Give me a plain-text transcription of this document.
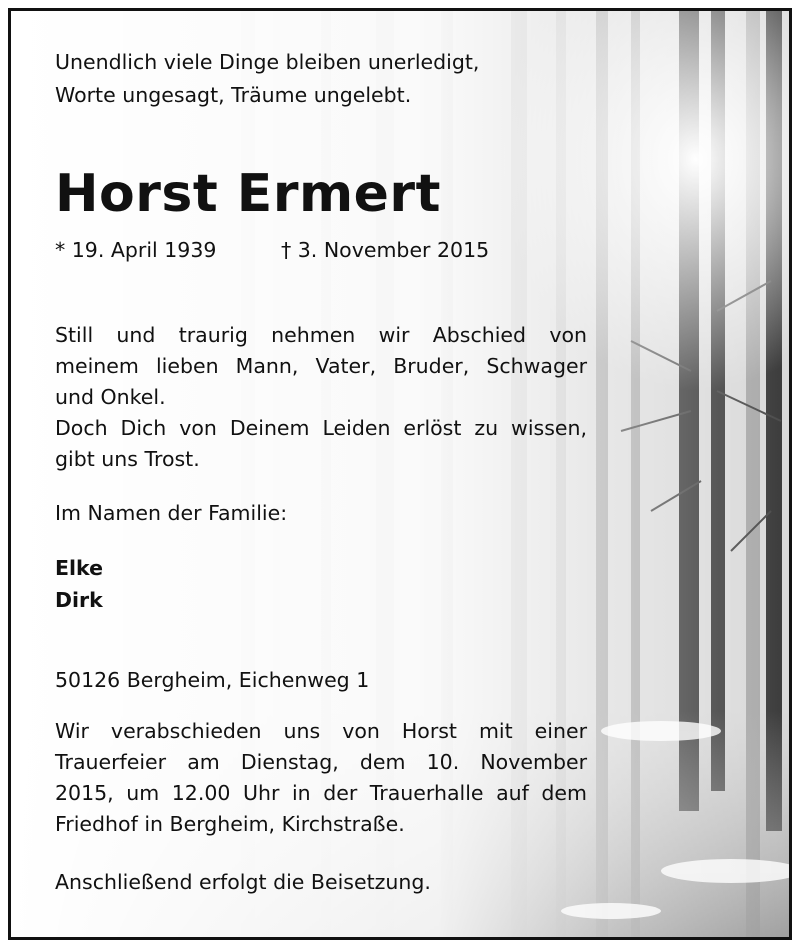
Unendlich viele Dinge bleiben unerledigt,
Worte ungesagt, Träume ungelebt.
Horst Ermert
* 19. April 1939	† 3. November 2015
Still und traurig nehmen wir Abschied von
meinem lieben Mann, Vater, Bruder, Schwager
und Onkel.
Doch Dich von Deinem Leiden erlöst zu wissen,
gibt uns Trost.
Im Namen der Familie:
Elke
Dirk
50126 Bergheim, Eichenweg 1
Wir verabschieden uns von Horst mit einer
Trauerfeier am Dienstag, dem 10. November
2015, um 12.00 Uhr in der Trauerhalle auf dem
Friedhof in Bergheim, Kirchstraße.
Anschließend erfolgt die Beisetzung.
